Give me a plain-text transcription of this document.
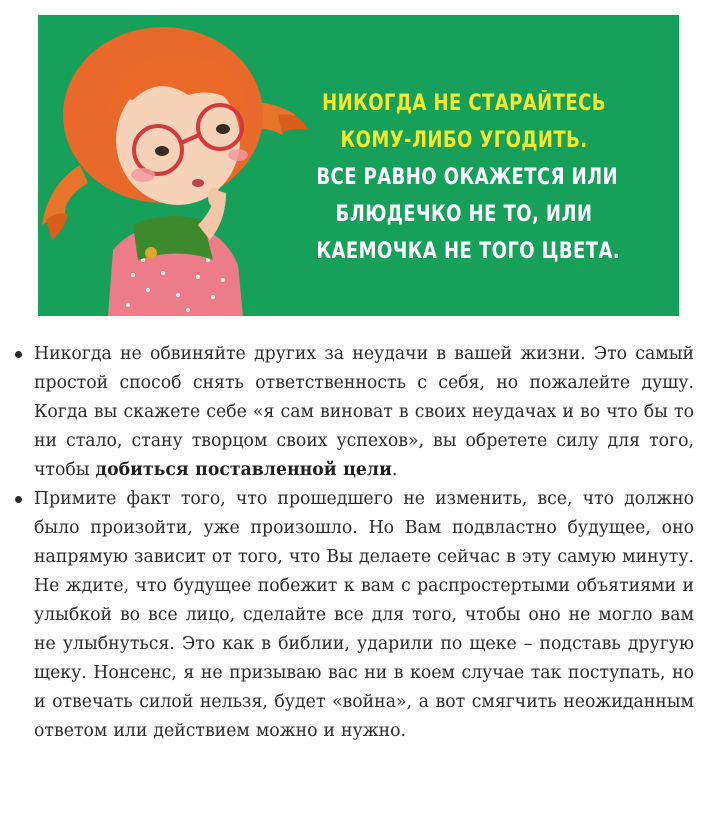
НИКОГДА НЕ СТАРАЙТЕСЬ
КОМУ-ЛИБО УГОДИТЬ.
ВСЕ РАВНО ОКАЖЕТСЯ ИЛИ
БЛЮДЕЧКО НЕ ТО, ИЛИ
КАЕМОЧКА НЕ ТОГО ЦВЕТА.
Никогда не обвиняйте других за неудачи в вашей жизни. Это самый простой способ снять ответственность с себя, но пожалейте душу. Когда вы скажете себе «я сам виноват в своих неудачах и во что бы то ни стало, стану творцом своих успехов», вы обретете силу для того, чтобы добиться поставленной цели.
Примите факт того, что прошедшего не изменить, все, что должно было произойти, уже произошло. Но Вам подвластно будущее, оно напрямую зависит от того, что Вы делаете сейчас в эту самую минуту. Не ждите, что будущее побежит к вам с распростертыми объятиями и улыбкой во все лицо, сделайте все для того, чтобы оно не могло вам не улыбнуться. Это как в библии, ударили по щеке – подставь другую щеку. Нонсенс, я не призываю вас ни в коем случае так поступать, но и отвечать силой нельзя, будет «война», а вот смягчить неожиданным ответом или действием можно и нужно.
